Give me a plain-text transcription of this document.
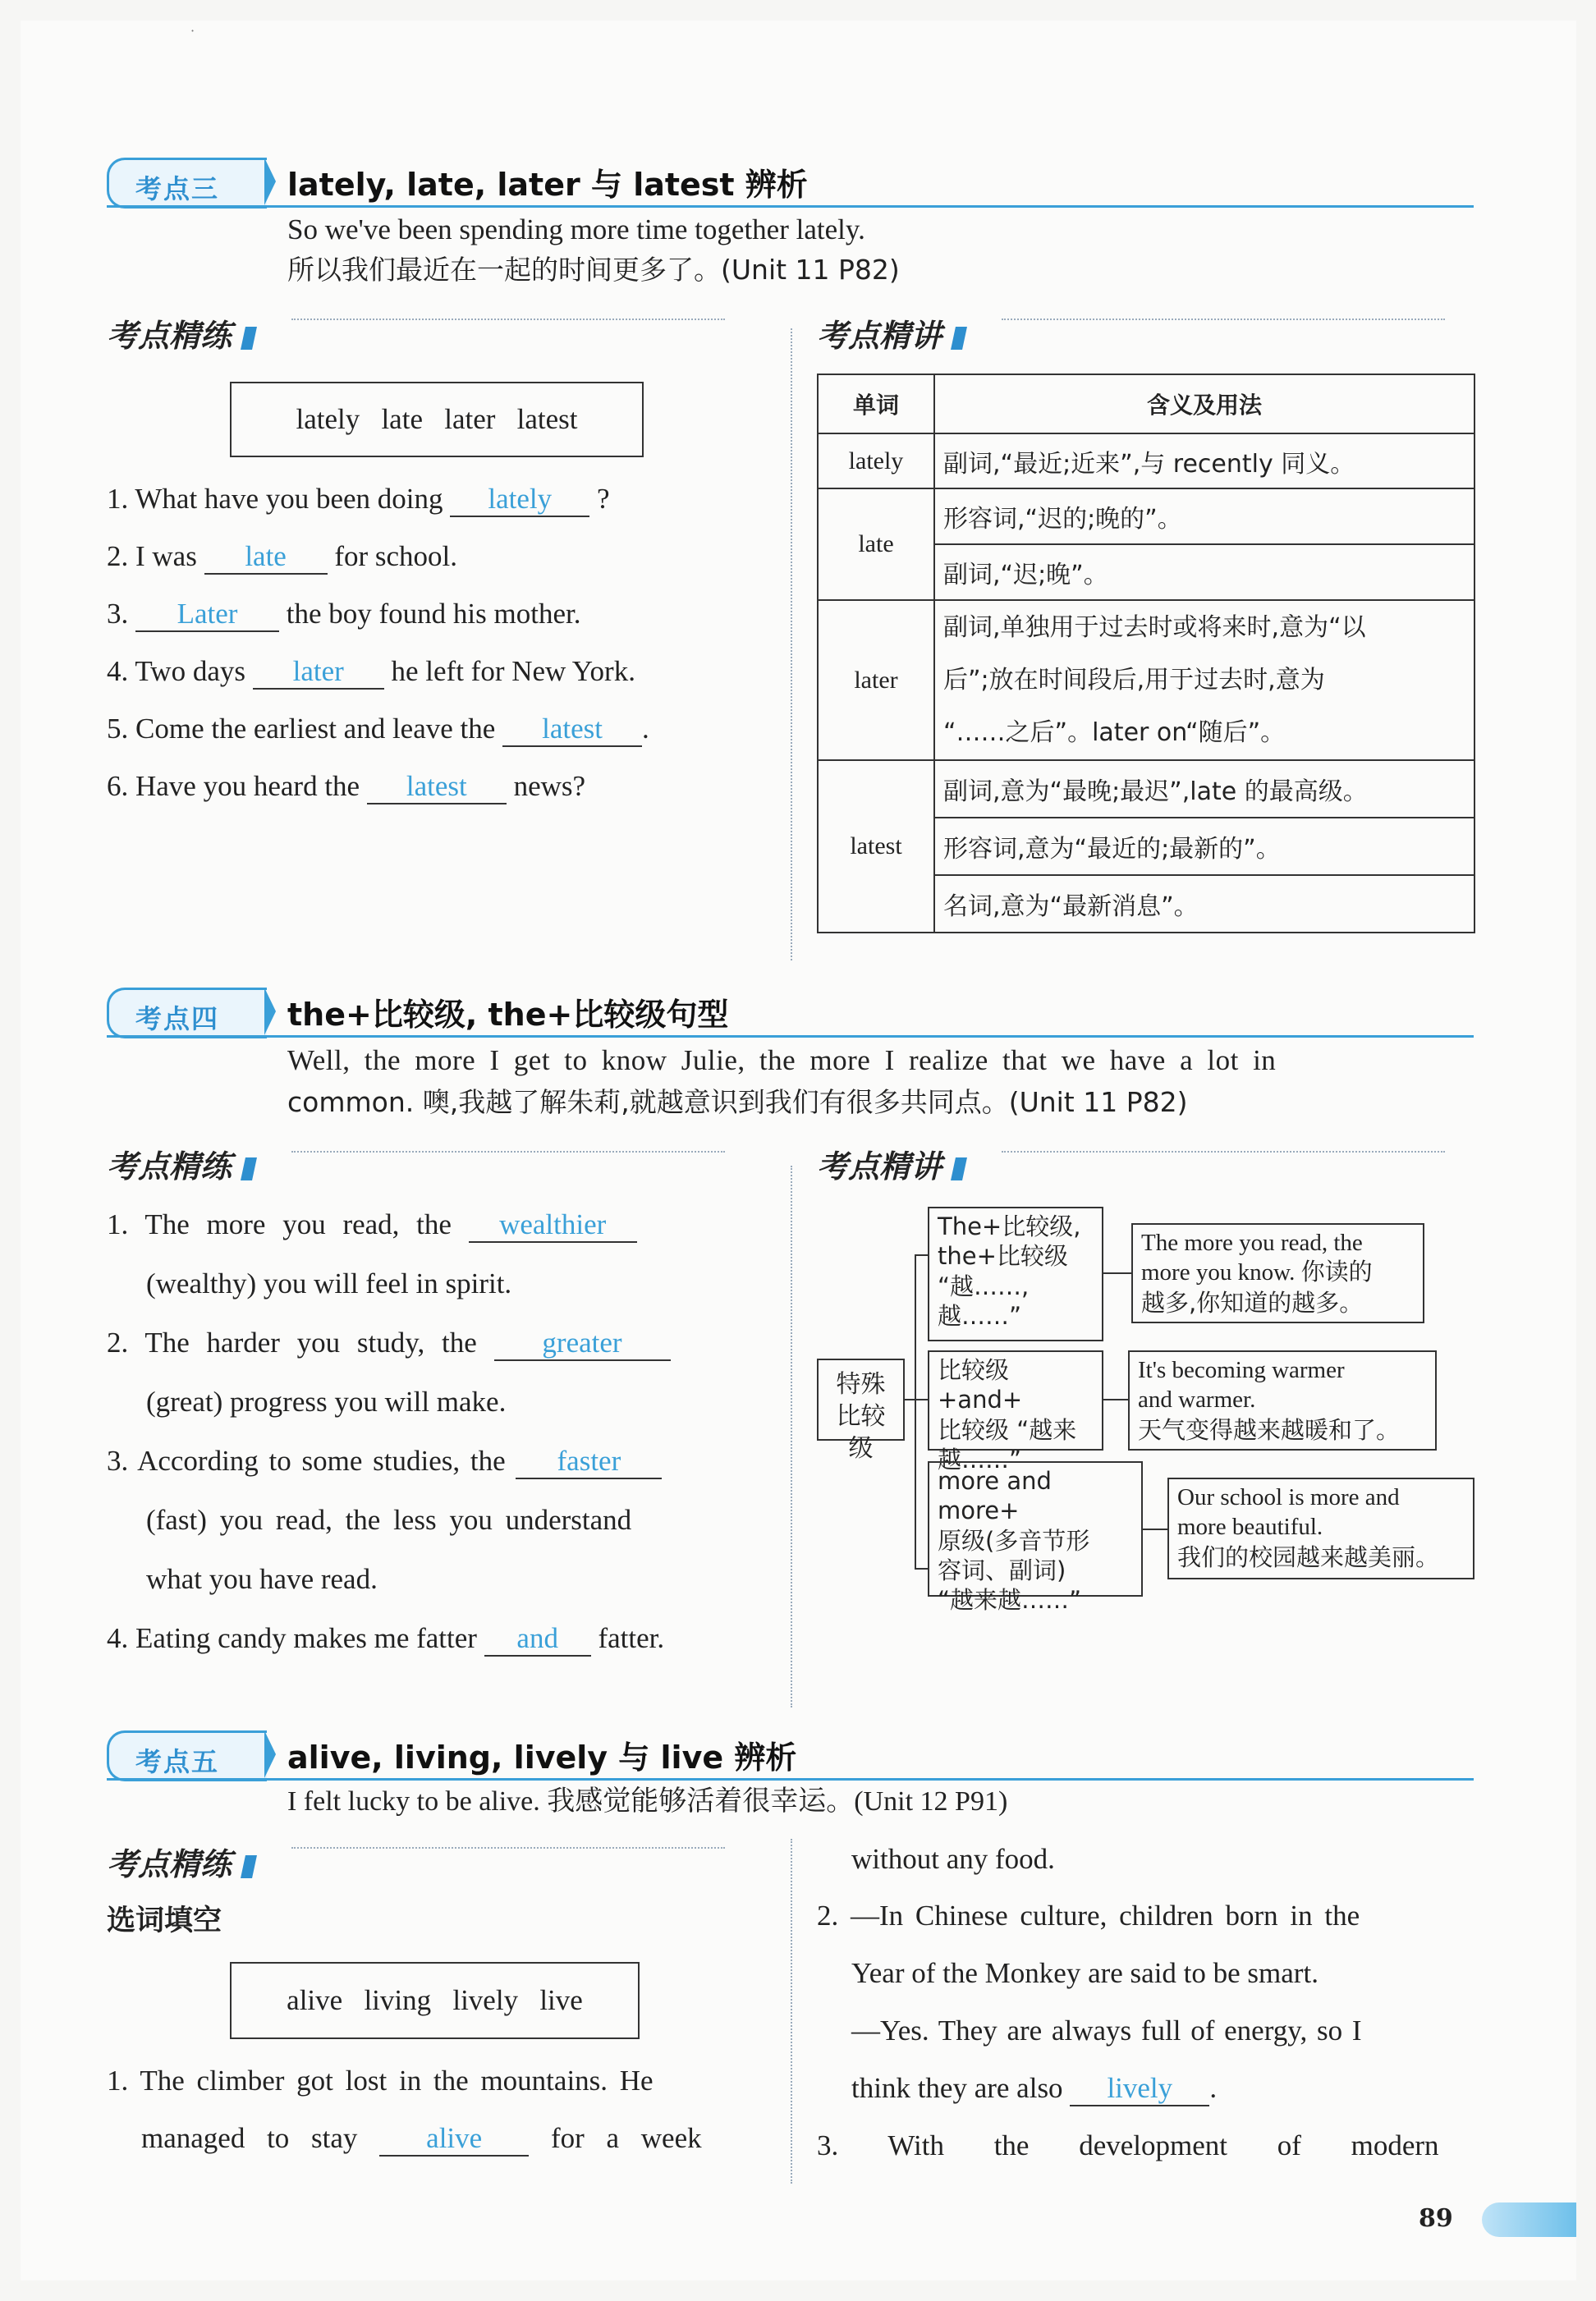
·
考点三 lately, late, later 与 latest 辨析
So we've been spending more time together lately.
所以我们最近在一起的时间更多了。(Unit 11 P82)
考点精练	考点精讲
lately   late   later   latest
1. What have you been doing lately ?
2. I was late for school.
3. Later the boy found his mother.
4. Two days later he left for New York.
5. Come the earliest and leave the latest .
6. Have you heard the latest news?
单词	含义及用法
lately	副词,“最近;近来”,与 recently 同义。
late	形容词,“迟的;晚的”。
	副词,“迟;晚”。
later	副词,单独用于过去时或将来时,意为“以
后”;放在时间段后,用于过去时,意为
“……之后”。later on“随后”。

latest	副词,意为“最晚;最迟”,late 的最高级。
	形容词,意为“最近的;最新的”。
	名词,意为“最新消息”。
考点四 the+比较级, the+比较级句型
Well, the more I get to know Julie, the more I realize that we have a lot in
common. 噢,我越了解朱莉,就越意识到我们有很多共同点。(Unit 11 P82)
考点精练	考点精讲
1. The more you read, the wealthier
(wealthy) you will feel in spirit.
2. The harder you study, the greater
(great) progress you will make.
3. According to some studies, the faster
(fast) you read, the less you understand
what you have read.
4. Eating candy makes me fatter and fatter.
特殊
比较级
The+比较级,
the+比较级
“越……,
越……”
The more you read, the
more you know. 你读的
越多,你知道的越多。
比较级+and+
比较级 “越来
越……”
It's becoming warmer
and warmer.
天气变得越来越暖和了。
more and more+
原级(多音节形
容词、副词)
“越来越……”
Our school is more and
more beautiful.
我们的校园越来越美丽。
考点五 alive, living, lively 与 live 辨析
I felt lucky to be alive. 我感觉能够活着很幸运。(Unit 12 P91)
考点精练
选词填空
alive   living   lively   live
1. The climber got lost in the mountains. He
managed to stay alive for a week
without any food.
2. —In Chinese culture, children born in the
Year of the Monkey are said to be smart.
—Yes. They are always full of energy, so I
think they are also lively .
3. With the development of modern
89
